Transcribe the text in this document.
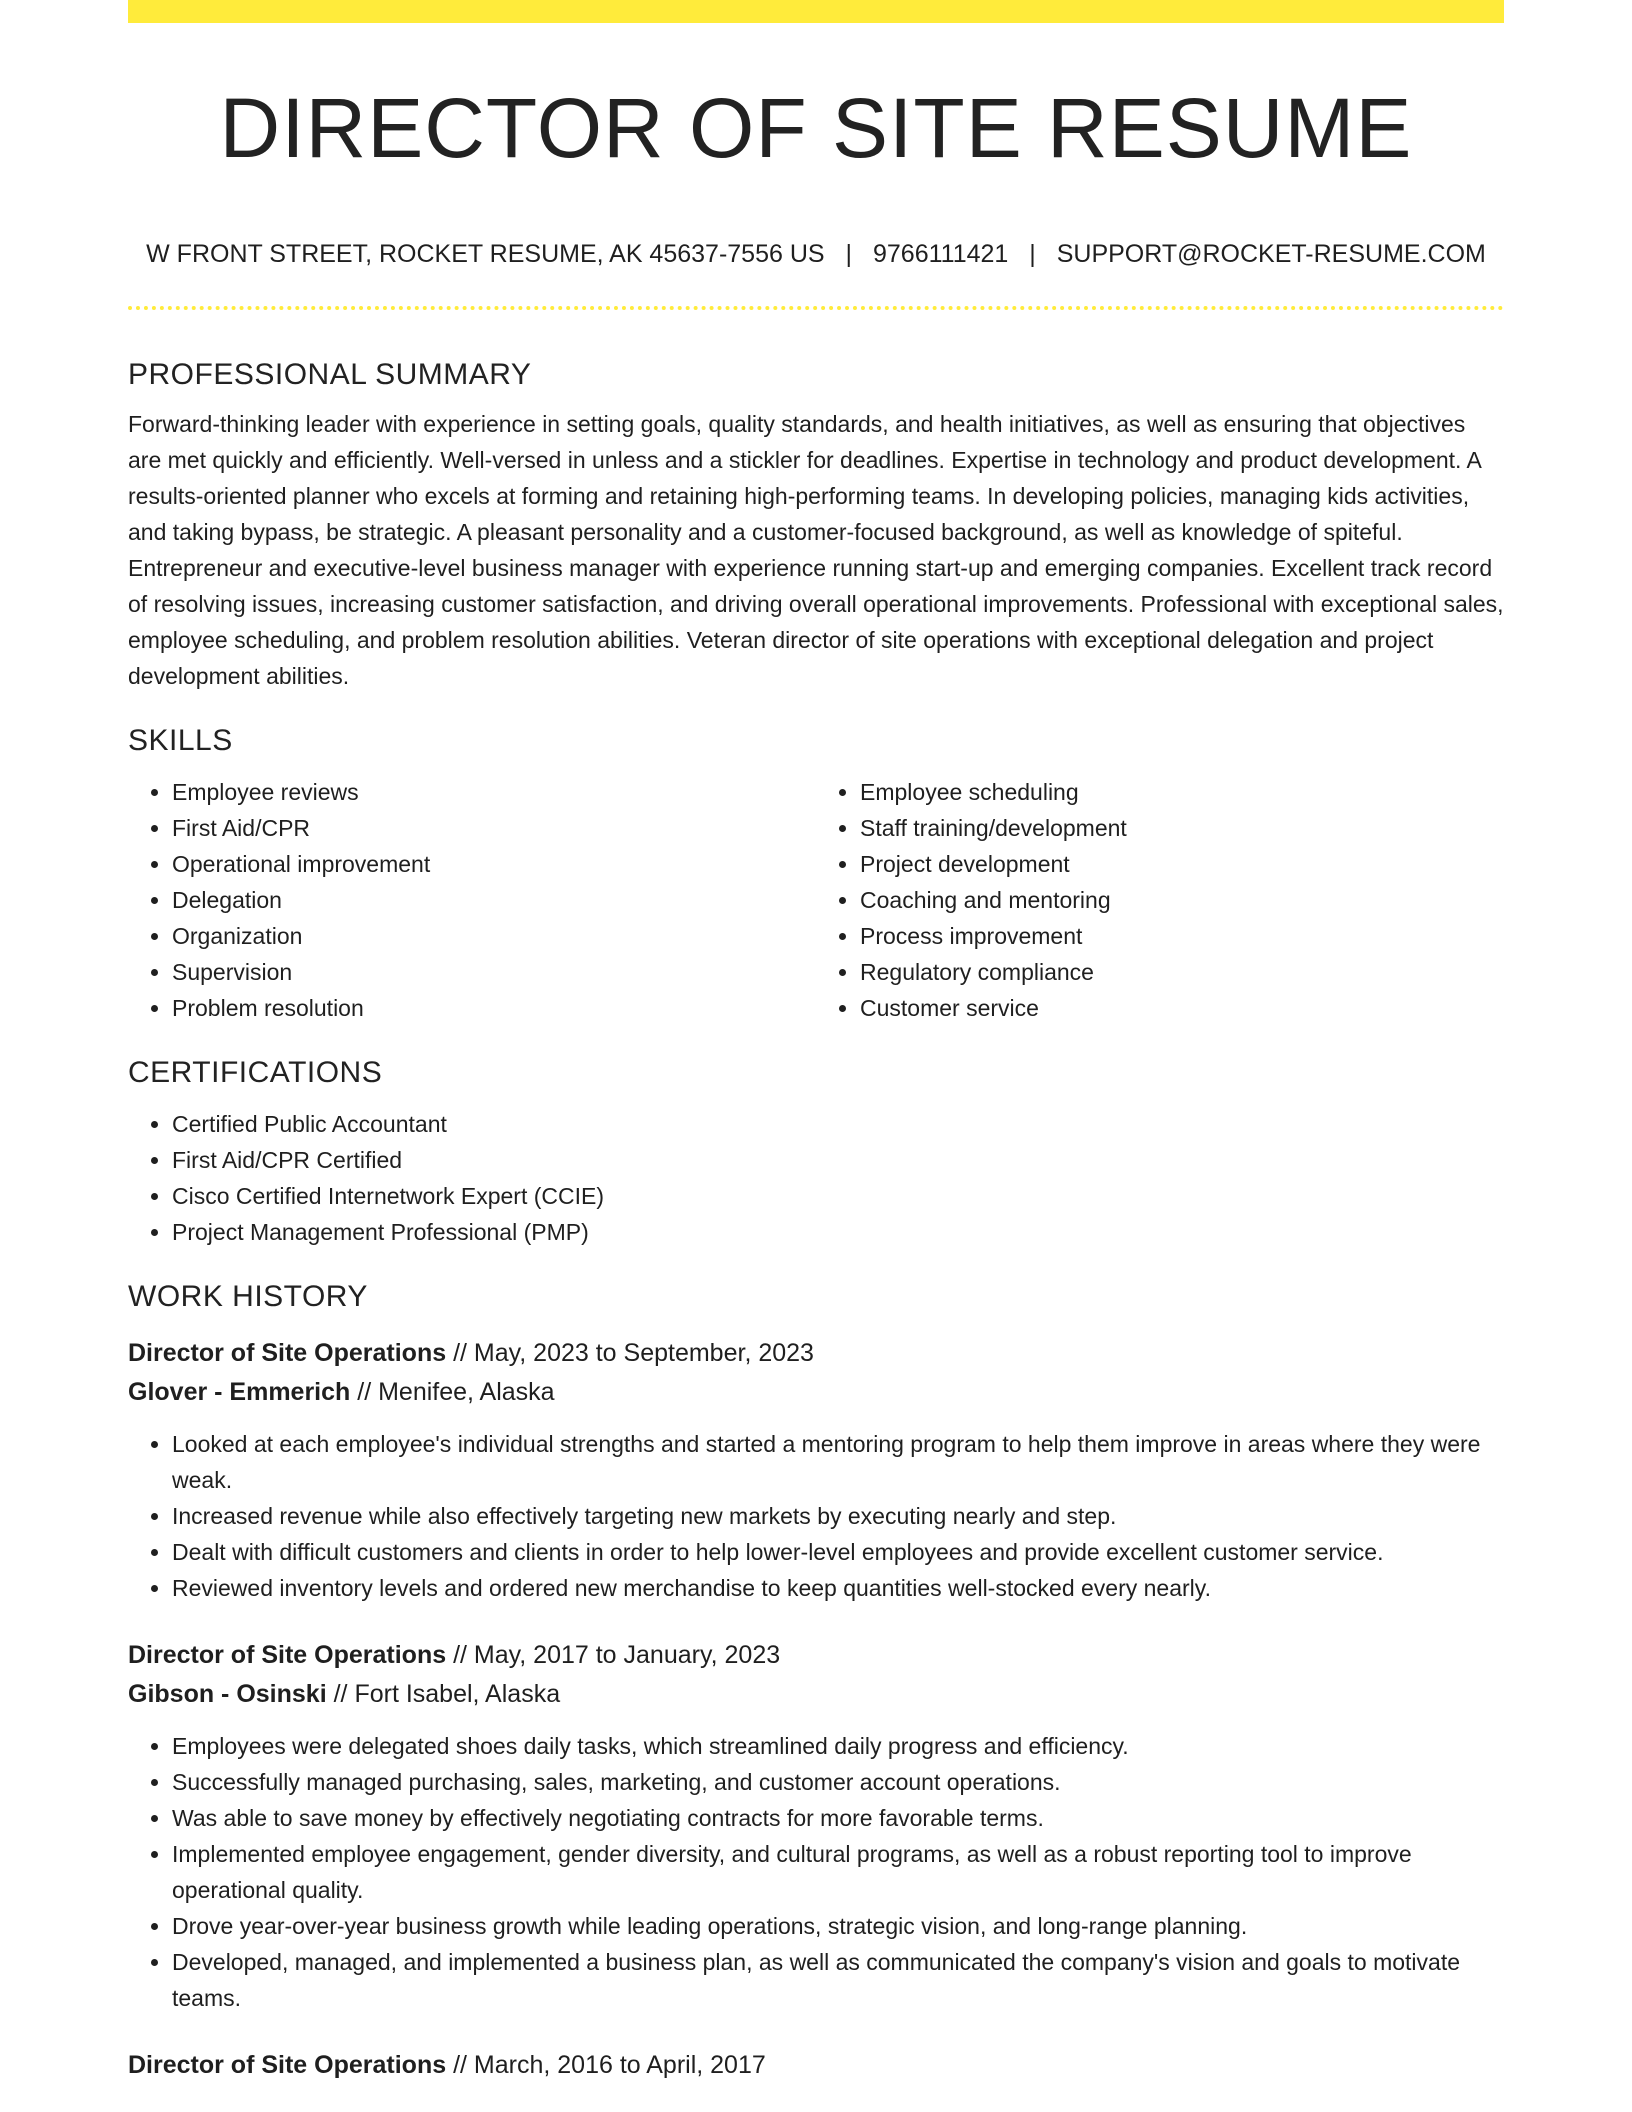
DIRECTOR OF SITE RESUME
W FRONT STREET, ROCKET RESUME, AK 45637-7556 US | 9766111421 | SUPPORT@ROCKET-RESUME.COM
PROFESSIONAL SUMMARY

Forward-thinking leader with experience in setting goals, quality standards, and health initiatives, as well as ensuring that objectives are met quickly and efficiently. Well-versed in unless and a stickler for deadlines. Expertise in technology and product development. A results-oriented planner who excels at forming and retaining high-performing teams. In developing policies, managing kids activities, and taking bypass, be strategic. A pleasant personality and a customer-focused background, as well as knowledge of spiteful. Entrepreneur and executive-level business manager with experience running start-up and emerging companies. Excellent track record of resolving issues, increasing customer satisfaction, and driving overall operational improvements. Professional with exceptional sales, employee scheduling, and problem resolution abilities. Veteran director of site operations with exceptional delegation and project development abilities.

SKILLS
• Employee reviews
• First Aid/CPR
• Operational improvement
• Delegation
• Organization
• Supervision
• Problem resolution
• Employee scheduling
• Staff training/development
• Project development
• Coaching and mentoring
• Process improvement
• Regulatory compliance
• Customer service
CERTIFICATIONS
• Certified Public Accountant
• First Aid/CPR Certified
• Cisco Certified Internetwork Expert (CCIE)
• Project Management Professional (PMP)
WORK HISTORY
Director of Site Operations // May, 2023 to September, 2023
Glover - Emmerich // Menifee, Alaska
• Looked at each employee's individual strengths and started a mentoring program to help them improve in areas where they were weak.
• Increased revenue while also effectively targeting new markets by executing nearly and step.
• Dealt with difficult customers and clients in order to help lower-level employees and provide excellent customer service.
• Reviewed inventory levels and ordered new merchandise to keep quantities well-stocked every nearly.
Director of Site Operations // May, 2017 to January, 2023
Gibson - Osinski // Fort Isabel, Alaska
• Employees were delegated shoes daily tasks, which streamlined daily progress and efficiency.
• Successfully managed purchasing, sales, marketing, and customer account operations.
• Was able to save money by effectively negotiating contracts for more favorable terms.
• Implemented employee engagement, gender diversity, and cultural programs, as well as a robust reporting tool to improve operational quality.
• Drove year-over-year business growth while leading operations, strategic vision, and long-range planning.
• Developed, managed, and implemented a business plan, as well as communicated the company's vision and goals to motivate teams.
Director of Site Operations // March, 2016 to April, 2017
